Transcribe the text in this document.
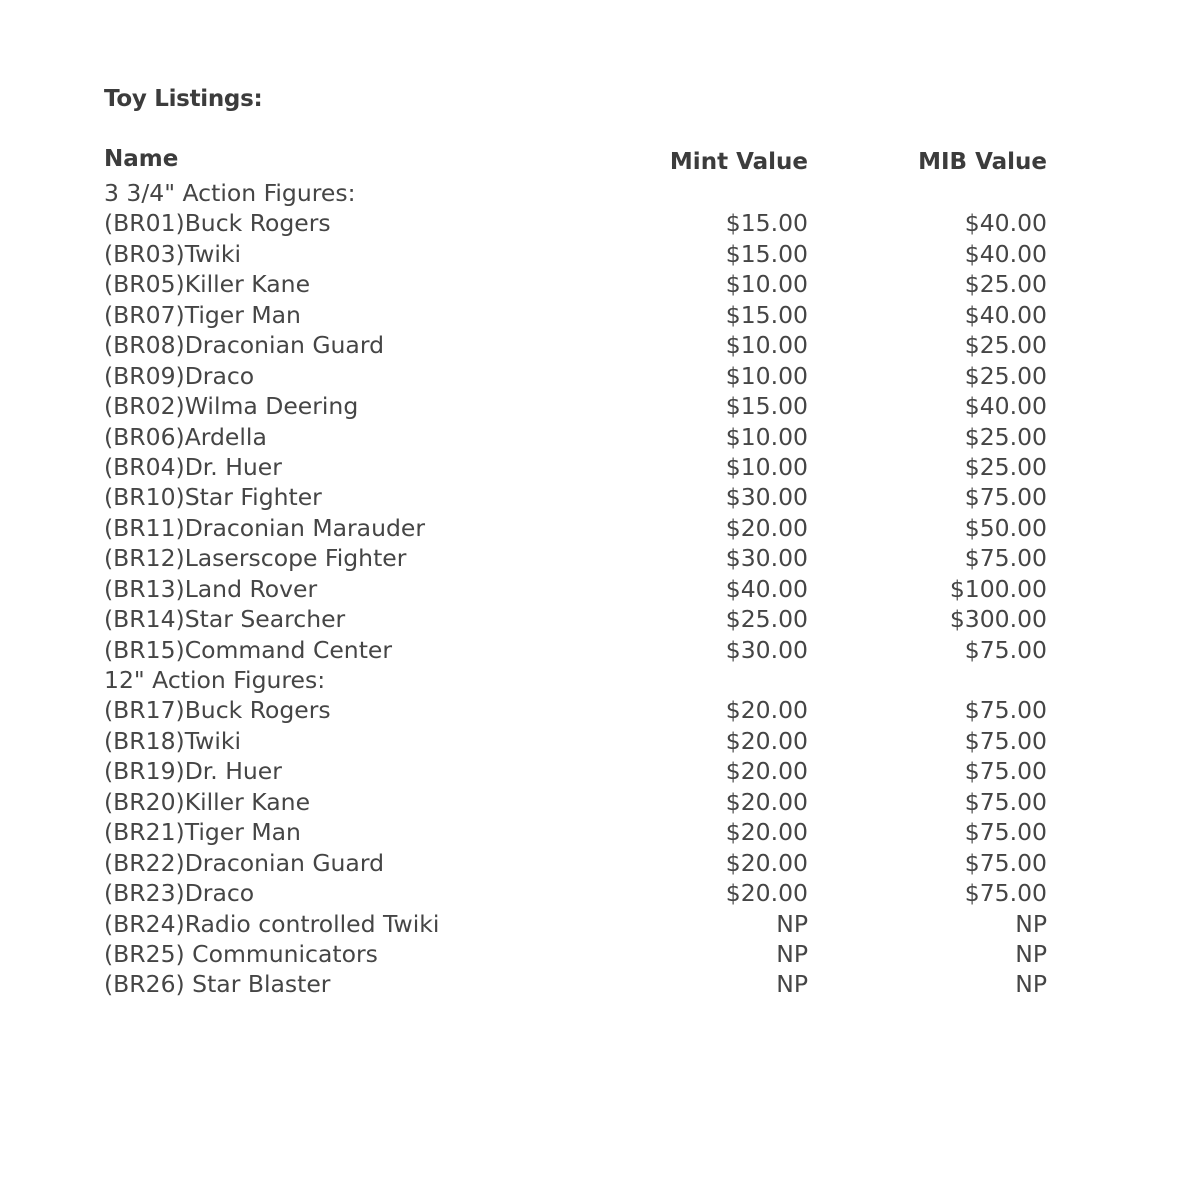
Toy Listings:
Name	Mint Value	MIB Value
3 3/4" Action Figures:
(BR01)Buck Rogers	$15.00	$40.00
(BR03)Twiki	$15.00	$40.00
(BR05)Killer Kane	$10.00	$25.00
(BR07)Tiger Man	$15.00	$40.00
(BR08)Draconian Guard	$10.00	$25.00
(BR09)Draco	$10.00	$25.00
(BR02)Wilma Deering	$15.00	$40.00
(BR06)Ardella	$10.00	$25.00
(BR04)Dr. Huer	$10.00	$25.00
(BR10)Star Fighter	$30.00	$75.00
(BR11)Draconian Marauder	$20.00	$50.00
(BR12)Laserscope Fighter	$30.00	$75.00
(BR13)Land Rover	$40.00	$100.00
(BR14)Star Searcher	$25.00	$300.00
(BR15)Command Center	$30.00	$75.00
12" Action Figures:
(BR17)Buck Rogers	$20.00	$75.00
(BR18)Twiki	$20.00	$75.00
(BR19)Dr. Huer	$20.00	$75.00
(BR20)Killer Kane	$20.00	$75.00
(BR21)Tiger Man	$20.00	$75.00
(BR22)Draconian Guard	$20.00	$75.00
(BR23)Draco	$20.00	$75.00
(BR24)Radio controlled Twiki	NP	NP
(BR25) Communicators	NP	NP
(BR26) Star Blaster	NP	NP
